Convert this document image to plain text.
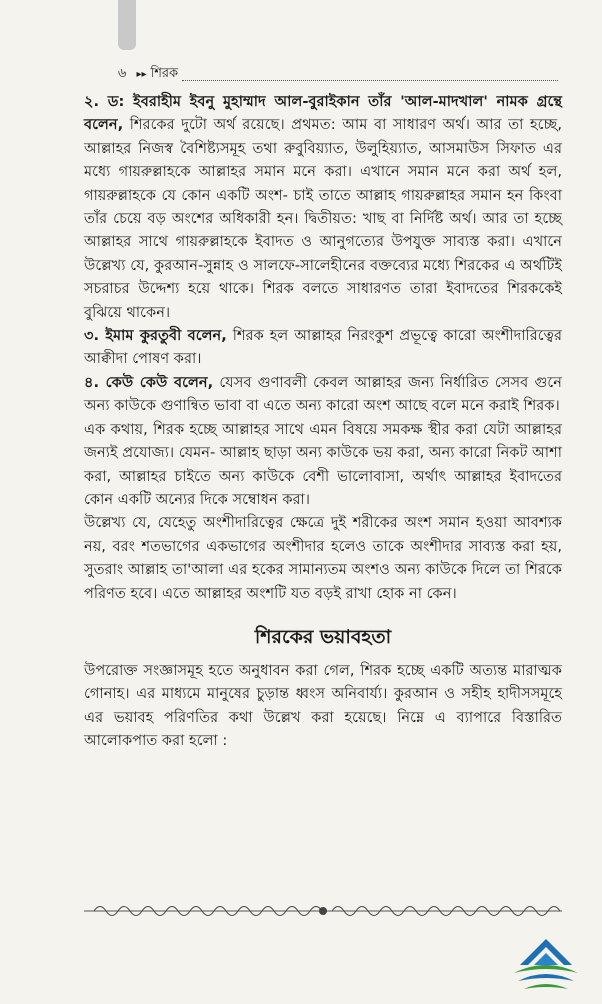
৬ ▸▸ শিরক

২. ড: ইবরাহীম ইবনু মুহাম্মাদ আল-বুরাইকান তাঁর 'আল-মাদখাল' নামক গ্রন্থে বলেন, শিরকের দুটো অর্থ রয়েছে। প্রথমত: আম বা সাধারণ অর্থ। আর তা হচ্ছে, আল্লাহর নিজস্ব বৈশিষ্ট্যসমূহ তথা রুবুবিয়্যাত, উলুহিয়্যাত, আসমাউস সিফাত এর মধ্যে গায়রুল্লাহকে আল্লাহর সমান মনে করা। এখানে সমান মনে করা অর্থ হল, গায়রুল্লাহকে যে কোন একটি অংশ- চাই তাতে আল্লাহ গায়রুল্লাহর সমান হন কিংবা তাঁর চেয়ে বড় অংশের অধিকারী হন। দ্বিতীয়ত: খাছ বা নির্দিষ্ট অর্থ। আর তা হচ্ছে আল্লাহর সাথে গায়রুল্লাহকে ইবাদত ও আনুগত্যের উপযুক্ত সাব্যস্ত করা। এখানে উল্লেখ্য যে, কুরআন-সুন্নাহ ও সালফে-সালেহীনের বক্তব্যের মধ্যে শিরকের এ অর্থটিই সচরাচর উদ্দেশ্য হয়ে থাকে। শিরক বলতে সাধারণত তারা ইবাদতের শিরককেই বুঝিয়ে থাকেন।

৩. ইমাম কুরতুবী বলেন, শিরক হল আল্লাহর নিরংকুশ প্রভূত্বে কারো অংশীদারিত্বের আক্বীদা পোষণ করা।

৪. কেউ কেউ বলেন, যেসব গুণাবলী কেবল আল্লাহর জন্য নির্ধারিত সেসব গুনে অন্য কাউকে গুণান্বিত ভাবা বা এতে অন্য কারো অংশ আছে বলে মনে করাই শিরক।

এক কথায়, শিরক হচ্ছে আল্লাহর সাথে এমন বিষয়ে সমকক্ষ স্থীর করা যেটা আল্লাহর জন্যই প্রযোজ্য। যেমন- আল্লাহ ছাড়া অন্য কাউকে ভয় করা, অন্য কারো নিকট আশা করা, আল্লাহর চাইতে অন্য কাউকে বেশী ভালোবাসা, অর্থাৎ আল্লাহর ইবাদতের কোন একটি অন্যের দিকে সম্বোধন করা।

উল্লেখ্য যে, যেহেতু অংশীদারিত্বের ক্ষেত্রে দুই শরীকের অংশ সমান হওয়া আবশ্যক নয়, বরং শতভাগের একভাগের অংশীদার হলেও তাকে অংশীদার সাব্যস্ত করা হয়, সুতরাং আল্লাহ তা'আলা এর হকের সামান্যতম অংশও অন্য কাউকে দিলে তা শিরকে পরিণত হবে। এতে আল্লাহর অংশটি যত বড়ই রাখা হোক না কেন।

শিরকের ভয়াবহতা

উপরোক্ত সংজ্ঞাসমূহ হতে অনুধাবন করা গেল, শিরক হচ্ছে একটি অত্যন্ত মারাত্মক গোনাহ। এর মাধ্যমে মানুষের চুড়ান্ত ধ্বংস অনিবার্য্য। কুরআন ও সহীহ হাদীসসমূহে এর ভয়াবহ পরিণতির কথা উল্লেখ করা হয়েছে। নিম্নে এ ব্যাপারে বিস্তারিত আলোকপাত করা হলো :
